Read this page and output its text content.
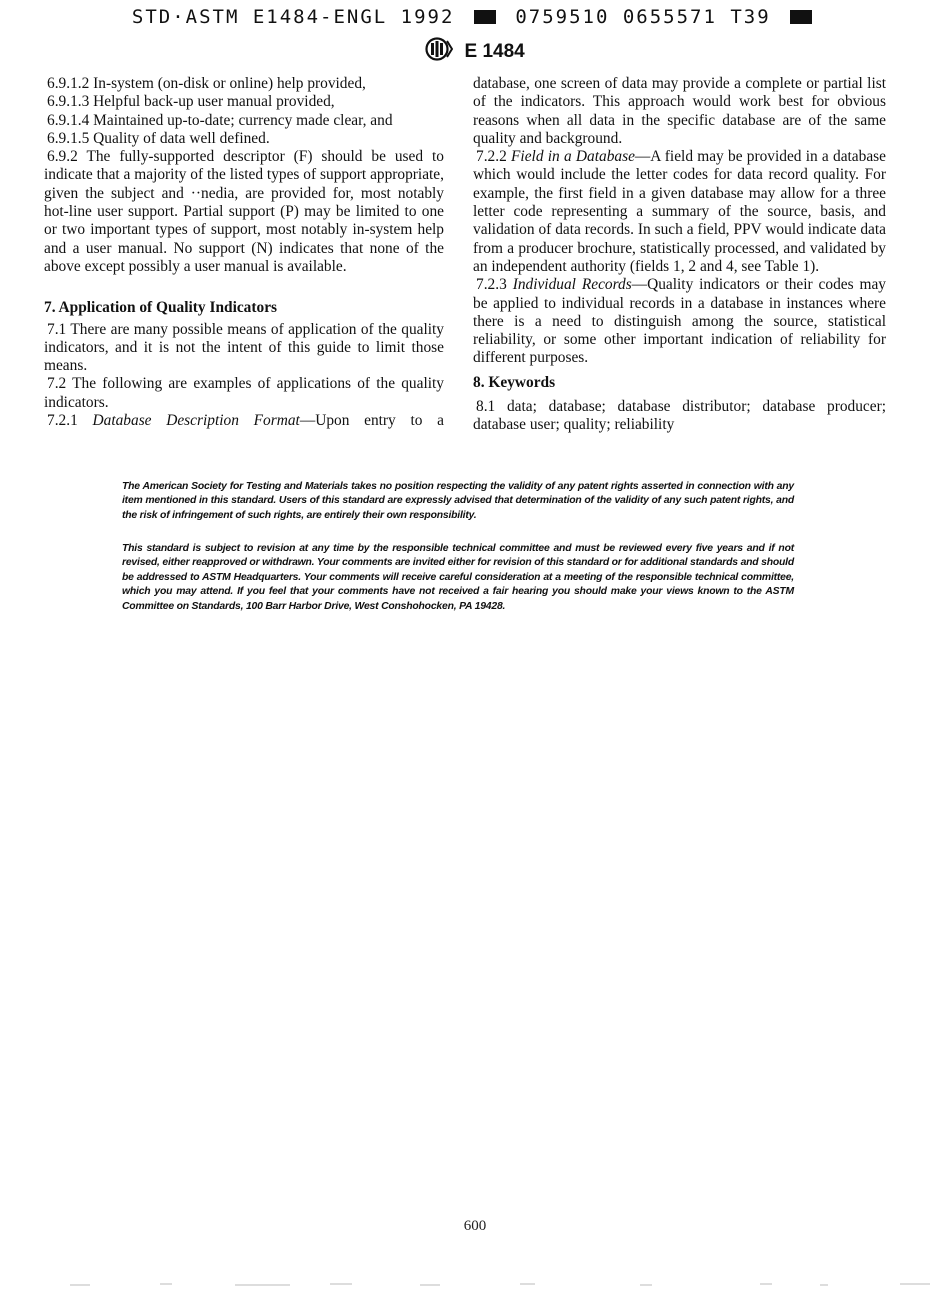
STD·ASTM E1484-ENGL 1992	0759510 0655571 T39
E 1484

6.9.1.2 In-system (on-disk or online) help provided,

6.9.1.3 Helpful back-up user manual provided,

6.9.1.4 Maintained up-to-date; currency made clear, and

6.9.1.5 Quality of data well defined.

6.9.2 The fully-supported descriptor (F) should be used to indicate that a majority of the listed types of support appropriate, given the subject and ··nedia, are provided for, most notably hot-line user support. Partial support (P) may be limited to one or two important types of support, most notably in-system help and a user manual. No support (N) indicates that none of the above except possibly a user manual is available.

7. Application of Quality Indicators

7.1 There are many possible means of application of the quality indicators, and it is not the intent of this guide to limit those means.

7.2 The following are examples of applications of the quality indicators.

7.2.1 Database Description Format—Upon entry to a

database, one screen of data may provide a complete or partial list of the indicators. This approach would work best for obvious reasons when all data in the specific database are of the same quality and background.

7.2.2 Field in a Database—A field may be provided in a database which would include the letter codes for data record quality. For example, the first field in a given database may allow for a three letter code representing a summary of the source, basis, and validation of data records. In such a field, PPV would indicate data from a producer brochure, statistically processed, and validated by an independent authority (fields 1, 2 and 4, see Table 1).

7.2.3 Individual Records—Quality indicators or their codes may be applied to individual records in a database in instances where there is a need to distinguish among the source, statistical reliability, or some other important indication of reliability for different purposes.

8. Keywords

8.1 data; database; database distributor; database producer; database user; quality; reliability

The American Society for Testing and Materials takes no position respecting the validity of any patent rights asserted in connection with any item mentioned in this standard. Users of this standard are expressly advised that determination of the validity of any such patent rights, and the risk of infringement of such rights, are entirely their own responsibility.

This standard is subject to revision at any time by the responsible technical committee and must be reviewed every five years and if not revised, either reapproved or withdrawn. Your comments are invited either for revision of this standard or for additional standards and should be addressed to ASTM Headquarters. Your comments will receive careful consideration at a meeting of the responsible technical committee, which you may attend. If you feel that your comments have not received a fair hearing you should make your views known to the ASTM Committee on Standards, 100 Barr Harbor Drive, West Conshohocken, PA 19428.

600
